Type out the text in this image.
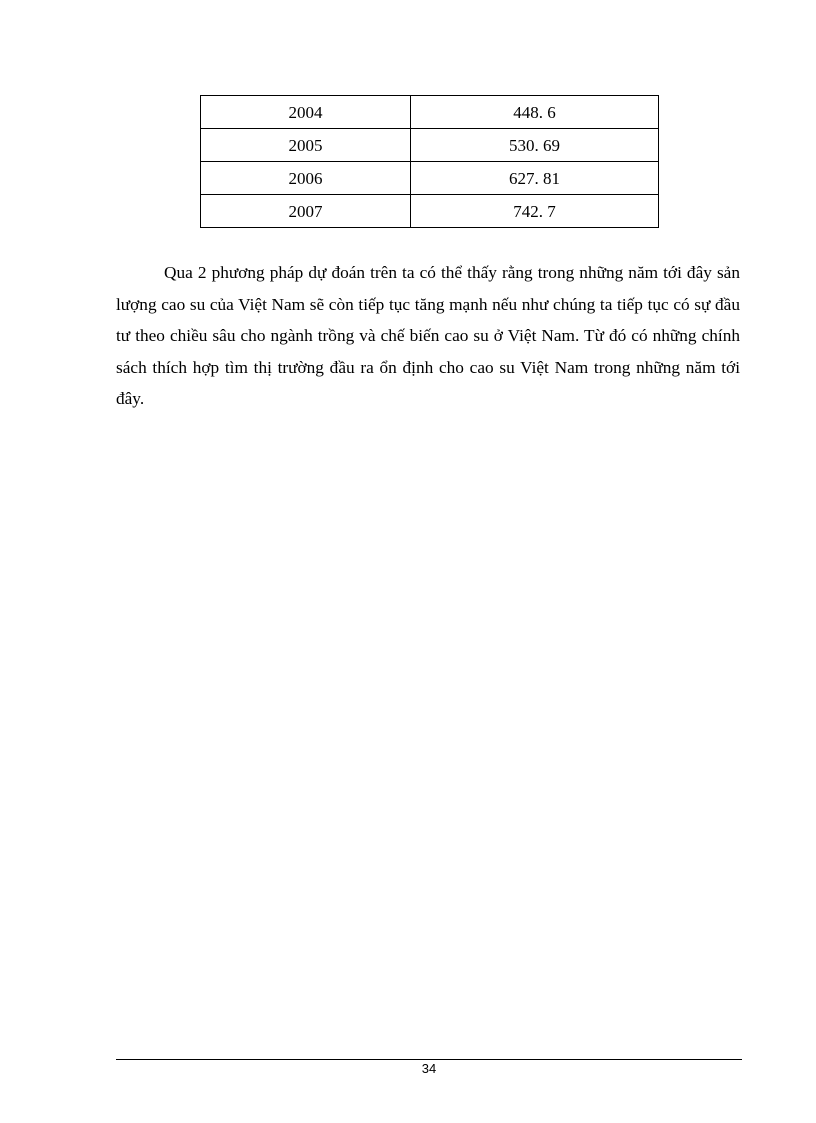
2004	448. 6
2005	530. 69
2006	627. 81
2007	742. 7

Qua 2 phương pháp dự đoán trên ta có thể thấy rằng trong những năm tới đây sản lượng cao su của Việt Nam sẽ còn tiếp tục tăng mạnh nếu như chúng ta tiếp tục có sự đầu tư theo chiều sâu cho ngành trồng và chế biến cao su ở Việt Nam. Từ đó có những chính sách thích hợp tìm thị trường đầu ra ổn định cho cao su Việt Nam trong những năm tới đây.

34
